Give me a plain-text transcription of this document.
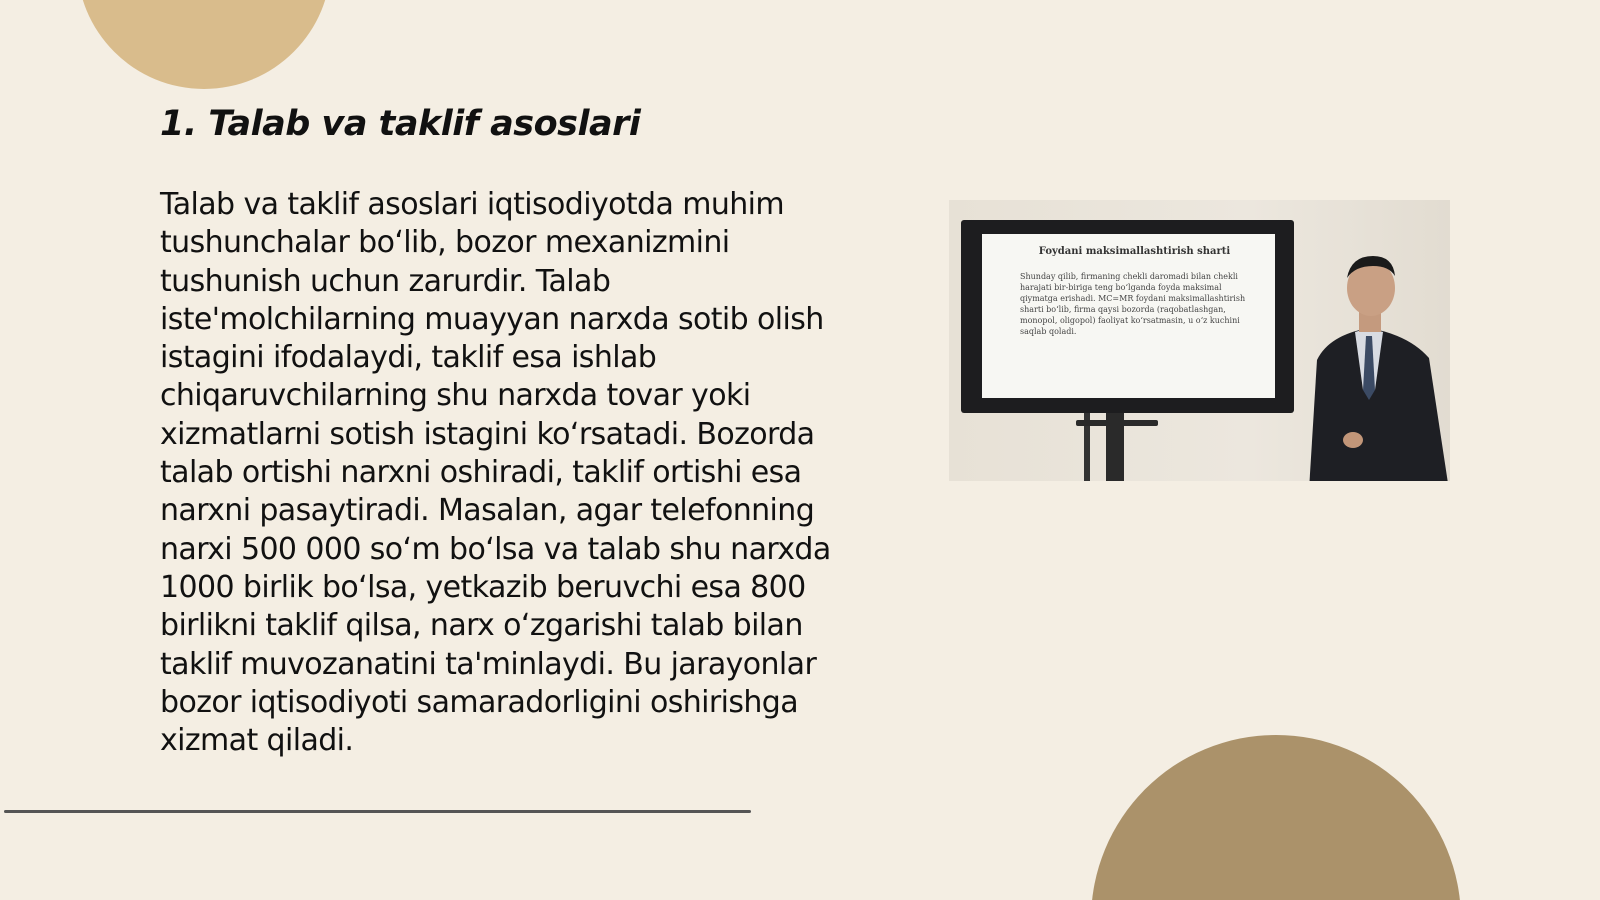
1. Talab va taklif asoslari

Talab va taklif asoslari iqtisodiyotda muhim tushunchalar bo‘lib, bozor mexanizmini tushunish uchun zarurdir. Talab iste'molchilarning muayyan narxda sotib olish istagini ifodalaydi, taklif esa ishlab chiqaruvchilarning shu narxda tovar yoki xizmatlarni sotish istagini ko‘rsatadi. Bozorda talab ortishi narxni oshiradi, taklif ortishi esa narxni pasaytiradi. Masalan, agar telefonning narxi 500 000 so‘m bo‘lsa va talab shu narxda 1000 birlik bo‘lsa, yetkazib beruvchi esa 800 birlikni taklif qilsa, narx o‘zgarishi talab bilan taklif muvozanatini ta'minlaydi. Bu jarayonlar bozor iqtisodiyoti samaradorligini oshirishga xizmat qiladi.

Foydani maksimallashtirish sharti
Shunday qilib, firmaning chekli daromadi bilan chekli harajati bir-biriga teng bo‘lganda foyda maksimal qiymatga erishadi. MC=MR foydani maksimallashtirish sharti bo‘lib, firma qaysi bozorda (raqobatlashgan, monopol, oligopol) faoliyat ko‘rsatmasin, u o‘z kuchini saqlab qoladi.
